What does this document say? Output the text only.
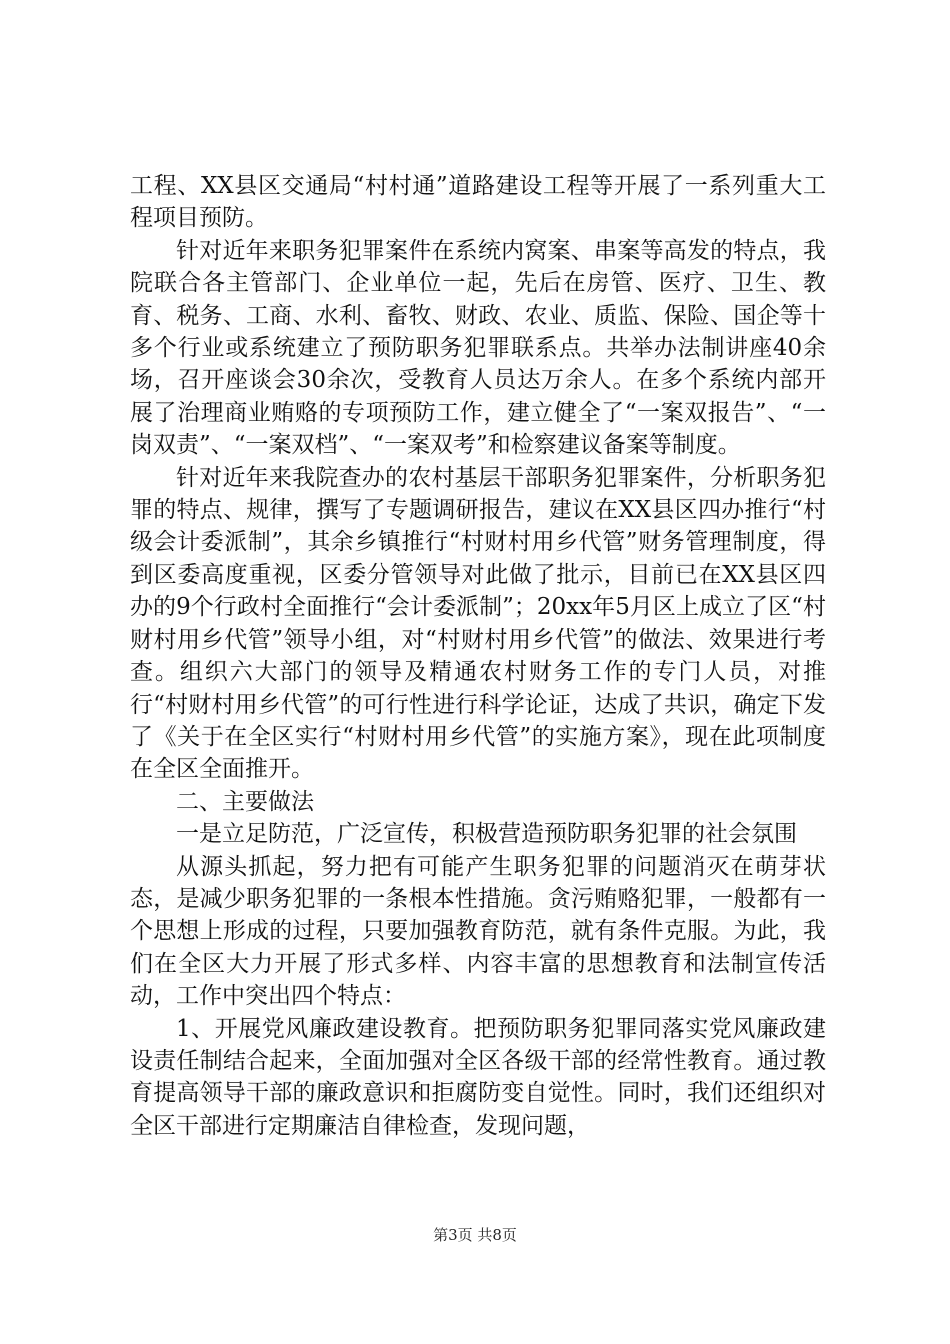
工程、XX县区交通局“村村通”道路建设工程等开展了一系列重大工程项目预防。

针对近年来职务犯罪案件在系统内窝案、串案等高发的特点，我院联合各主管部门、企业单位一起，先后在房管、医疗、卫生、教育、税务、工商、水利、畜牧、财政、农业、质监、保险、国企等十多个行业或系统建立了预防职务犯罪联系点。共举办法制讲座40余场，召开座谈会30余次，受教育人员达万余人。在多个系统内部开展了治理商业贿赂的专项预防工作，建立健全了“一案双报告”、“一岗双责”、“一案双档”、“一案双考”和检察建议备案等制度。

针对近年来我院查办的农村基层干部职务犯罪案件，分析职务犯罪的特点、规律，撰写了专题调研报告，建议在XX县区四办推行“村级会计委派制”，其余乡镇推行“村财村用乡代管”财务管理制度，得到区委高度重视，区委分管领导对此做了批示，目前已在XX县区四办的9个行政村全面推行“会计委派制”；20xx年5月区上成立了区“村财村用乡代管”领导小组，对“村财村用乡代管”的做法、效果进行考查。组织六大部门的领导及精通农村财务工作的专门人员，对推行“村财村用乡代管”的可行性进行科学论证，达成了共识，确定下发了《关于在全区实行“村财村用乡代管”的实施方案》，现在此项制度在全区全面推开。

二、主要做法

一是立足防范，广泛宣传，积极营造预防职务犯罪的社会氛围

从源头抓起，努力把有可能产生职务犯罪的问题消灭在萌芽状态，是减少职务犯罪的一条根本性措施。贪污贿赂犯罪，一般都有一个思想上形成的过程，只要加强教育防范，就有条件克服。为此，我们在全区大力开展了形式多样、内容丰富的思想教育和法制宣传活动，工作中突出四个特点：

1、开展党风廉政建设教育。把预防职务犯罪同落实党风廉政建设责任制结合起来，全面加强对全区各级干部的经常性教育。通过教育提高领导干部的廉政意识和拒腐防变自觉性。同时，我们还组织对全区干部进行定期廉洁自律检查，发现问题，

第3页 共8页
